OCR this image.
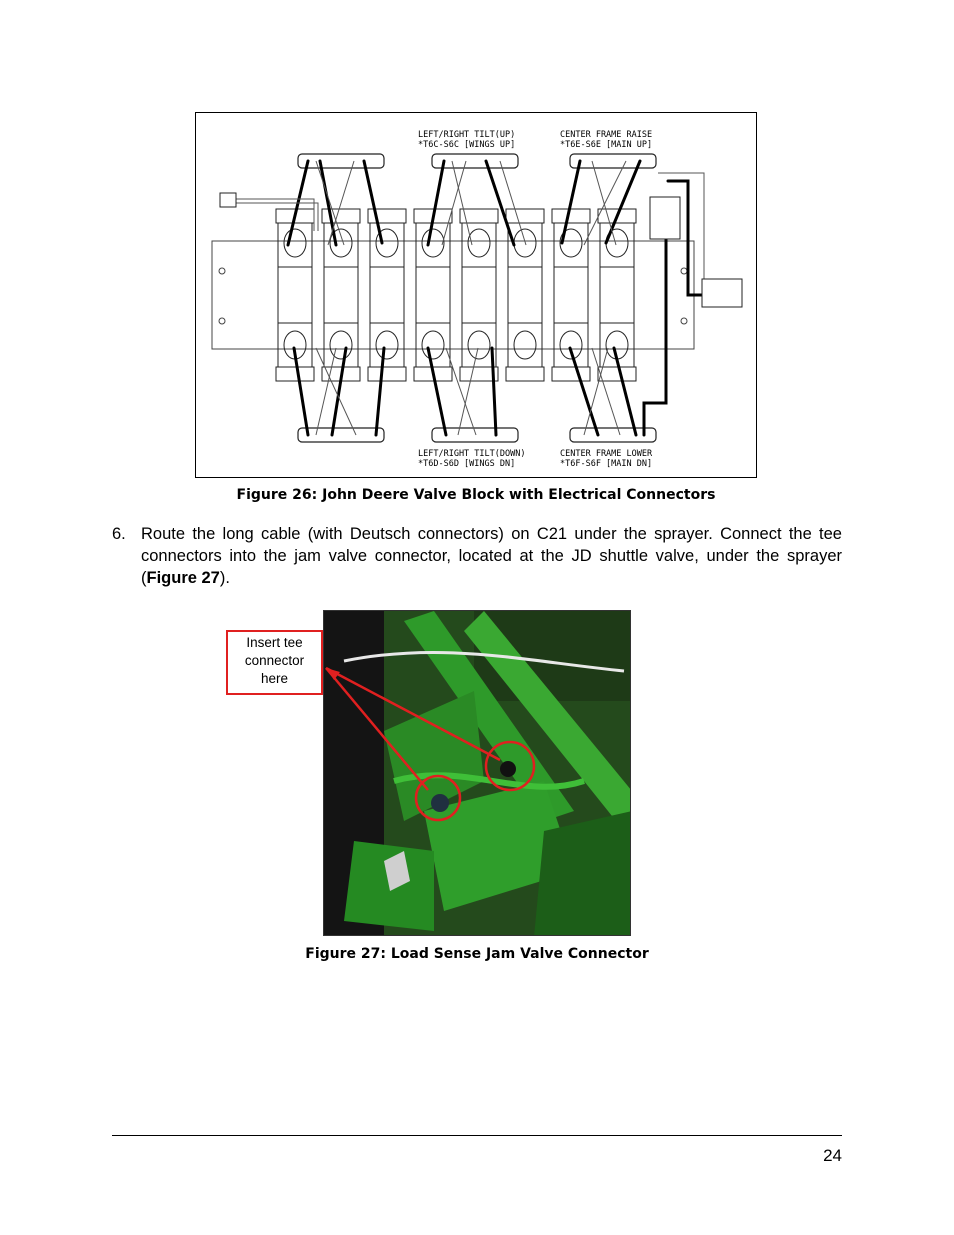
LEFT/RIGHT TILT(UP)
*T6C-S6C [WINGS UP]
CENTER FRAME RAISE
*T6E-S6E [MAIN UP]
LEFT/RIGHT TILT(DOWN)
*T6D-S6D [WINGS DN]
CENTER FRAME LOWER
*T6F-S6F [MAIN DN]
Figure 26: John Deere Valve Block with Electrical Connectors
6. Route the long cable (with Deutsch connectors) on C21 under the sprayer. Connect the tee connectors into the jam valve connector, located at the JD shuttle valve, under the sprayer (Figure 27).
Insert tee
connector
here
Figure 27: Load Sense Jam Valve Connector
24
